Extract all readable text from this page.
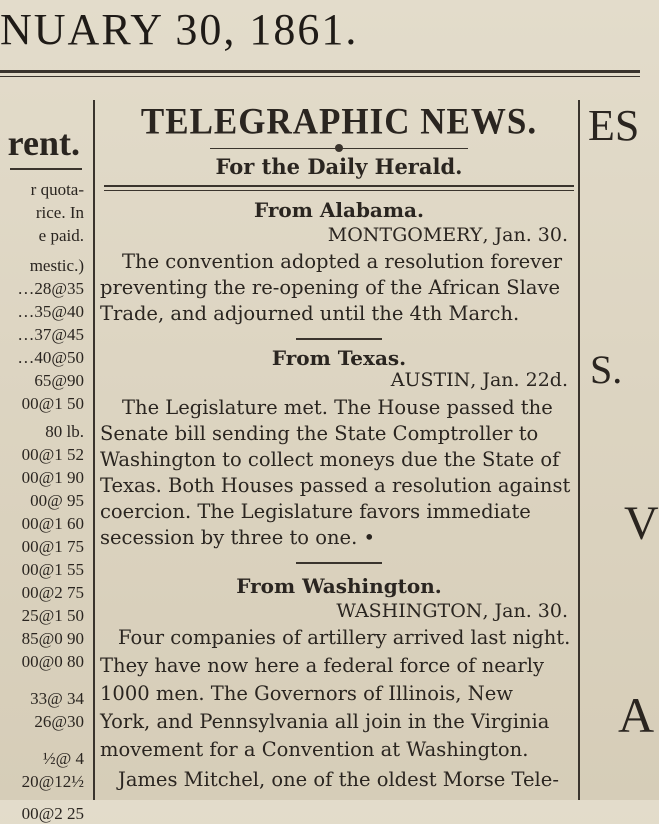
NUARY 30, 1861.
rent.
r quota-
rice. In
e paid.
mestic.)
…28@35
…35@40
…37@45
…40@50
65@90
00@1 50
80 lb.
00@1 52
00@1 90
00@ 95
00@1 60
00@1 75
00@1 55
00@2 75
25@1 50
85@0 90
00@0 80
33@ 34
26@30
½@ 4
20@12½
00@2 25
TELEGRAPHIC NEWS.
For the Daily Herald.
From Alabama.
MONTGOMERY, Jan. 30.
The convention adopted a resolution forever
preventing the re-opening of the African Slave
Trade, and adjourned until the 4th March.
From Texas.
AUSTIN, Jan. 22d.
The Legislature met. The House passed the
Senate bill sending the State Comptroller to
Washington to collect moneys due the State of
Texas. Both Houses passed a resolution against
coercion. The Legislature favors immediate
secession by three to one. •
From Washington.
WASHINGTON, Jan. 30.
Four companies of artillery arrived last night.
They have now here a federal force of nearly
1000 men. The Governors of Illinois, New
York, and Pennsylvania all join in the Virginia
movement for a Convention at Washington.
James Mitchel, one of the oldest Morse Tele-
ES
S.
V
A
